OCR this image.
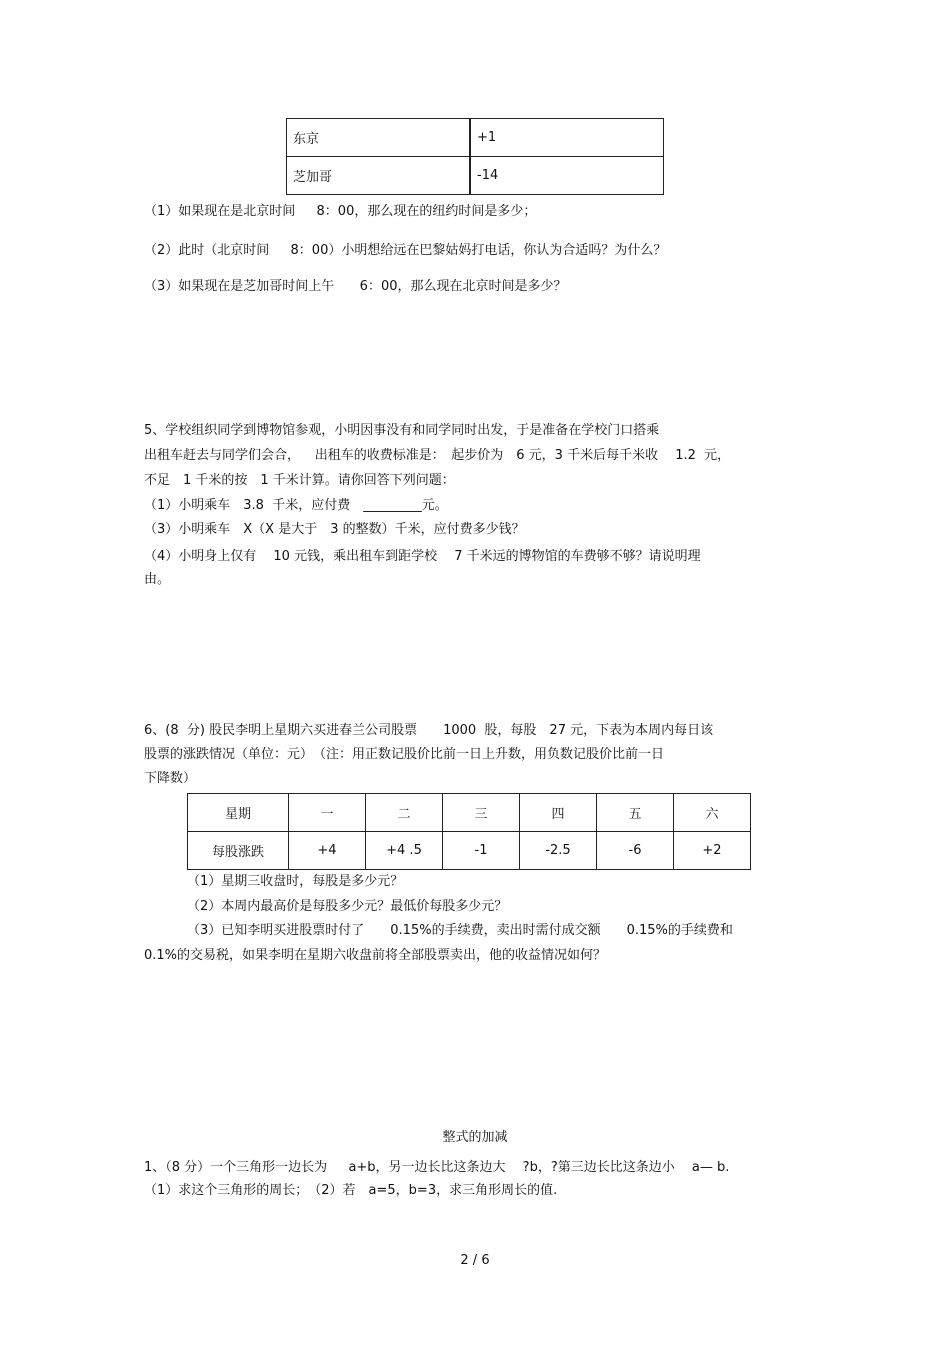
东京	+1
芝加哥	-14
（1）如果现在是北京时间　  8：00，那么现在的纽约时间是多少；
（2）此时（北京时间　  8：00）小明想给远在巴黎姑妈打电话，你认为合适吗？为什么？
（3）如果现在是芝加哥时间上午　   6：00，那么现在北京时间是多少？
5、学校组织同学到博物馆参观，小明因事没有和同学同时出发，于是准备在学校门口搭乘
出租车赶去与同学们会合，　  出租车的收费标准是：　起步价为　6 元，3 千米后每千米收　 1.2  元，
不足　1 千米的按　1 千米计算。请你回答下列问题：
（1）小明乘车　3.8  千米，应付费　_________元。
（3）小明乘车　X（X 是大于　3 的整数）千米，应付费多少钱？
（4）小明身上仅有　 10 元钱，乘出租车到距学校　 7 千米远的博物馆的车费够不够？请说明理
由。
6、(8  分) 股民李明上星期六买进春兰公司股票　　1000  股，每股　27 元，下表为本周内每日该
股票的涨跌情况（单位：元）　（注：用正数记股价比前一日上升数，用负数记股价比前一日
下降数）
星期	一	二	三	四	五	六
每股涨跌	+4	+4 .5	-1	-2.5	-6	+2
（1）星期三收盘时，每股是多少元？
（2）本周内最高价是每股多少元？最低价每股多少元？
（3）已知李明买进股票时付了　　0.15%的手续费，卖出时需付成交额　　0.15%的手续费和
0.1%的交易税，如果李明在星期六收盘前将全部股票卖出，他的收益情况如何？
整式的加减
1、（8 分）一个三角形一边长为　  a+b，另一边长比这条边大　 ?b，?第三边长比这条边小　 a— b.
（1）求这个三角形的周长；　（2）若　a=5，b=3，求三角形周长的值.
2 / 6
